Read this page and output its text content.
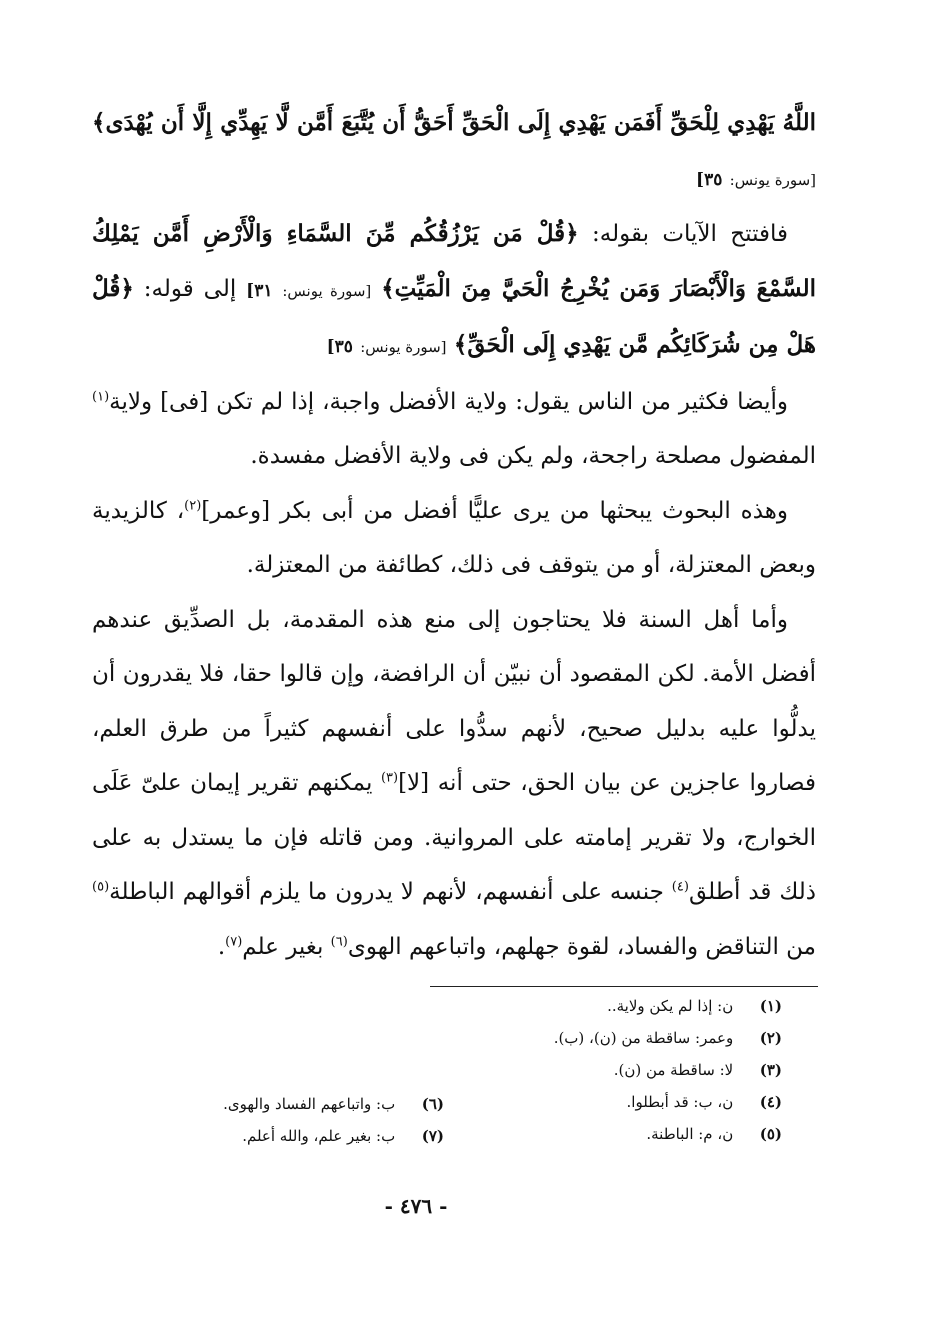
اللَّهُ يَهْدِي لِلْحَقِّ أَفَمَن يَهْدِي إِلَى الْحَقِّ أَحَقُّ أَن يُتَّبَعَ أَمَّن لَّا يَهِدِّي إِلَّا أَن يُهْدَى﴾ [سورة يونس: ٣٥]

فافتتح الآيات بقوله: ﴿قُلْ مَن يَرْزُقُكُم مِّنَ السَّمَاءِ وَالْأَرْضِ أَمَّن يَمْلِكُ السَّمْعَ وَالْأَبْصَارَ وَمَن يُخْرِجُ الْحَيَّ مِنَ الْمَيِّتِ﴾ [سورة يونس: ٣١] إلى قوله: ﴿قُلْ هَلْ مِن شُرَكَائِكُم مَّن يَهْدِي إِلَى الْحَقِّ﴾ [سورة يونس: ٣٥]

وأيضا فكثير من الناس يقول: ولاية الأفضل واجبة، إذا لم تكن [فى] ولاية$^{(١)}$ المفضول مصلحة راجحة، ولم يكن فى ولاية الأفضل مفسدة.

وهذه البحوث يبحثها من يرى عليًّا أفضل من أبى بكر [وعمر]$^{(٢)}$، كالزيدية وبعض المعتزلة، أو من يتوقف فى ذلك، كطائفة من المعتزلة.

وأما أهل السنة فلا يحتاجون إلى منع هذه المقدمة، بل الصدِّيق عندهم أفضل الأمة. لكن المقصود أن نبيّن أن الرافضة، وإن قالوا حقا، فلا يقدرون أن يدلُّوا عليه بدليل صحيح، لأنهم سدُّوا على أنفسهم كثيراً من طرق العلم، فصاروا عاجزين عن بيان الحق، حتى أنه [لا]$^{(٣)}$ يمكنهم تقرير إيمان علىّ عَلَى الخوارج، ولا تقرير إمامته على المروانية. ومن قاتله فإن ما يستدل به على ذلك قد أطلق$^{(٤)}$ جنسه على أنفسهم، لأنهم لا يدرون ما يلزم أقوالهم الباطلة$^{(٥)}$ من التناقض والفساد، لقوة جهلهم، واتباعهم الهوى$^{(٦)}$ بغير علم$^{(٧)}$.

(١) ن: إذا لم يكن ولاية..
(٢) وعمر: ساقطة من (ن)، (ب).
(٣) لا: ساقطة من (ن).
(٤) ن، ب: قد أبطلوا.
(٥) ن، م: الباطنة.
(٦) ب: واتباعهم الفساد والهوى.
(٧) ب: بغير علم، والله أعلم.
- ٤٧٦ -
